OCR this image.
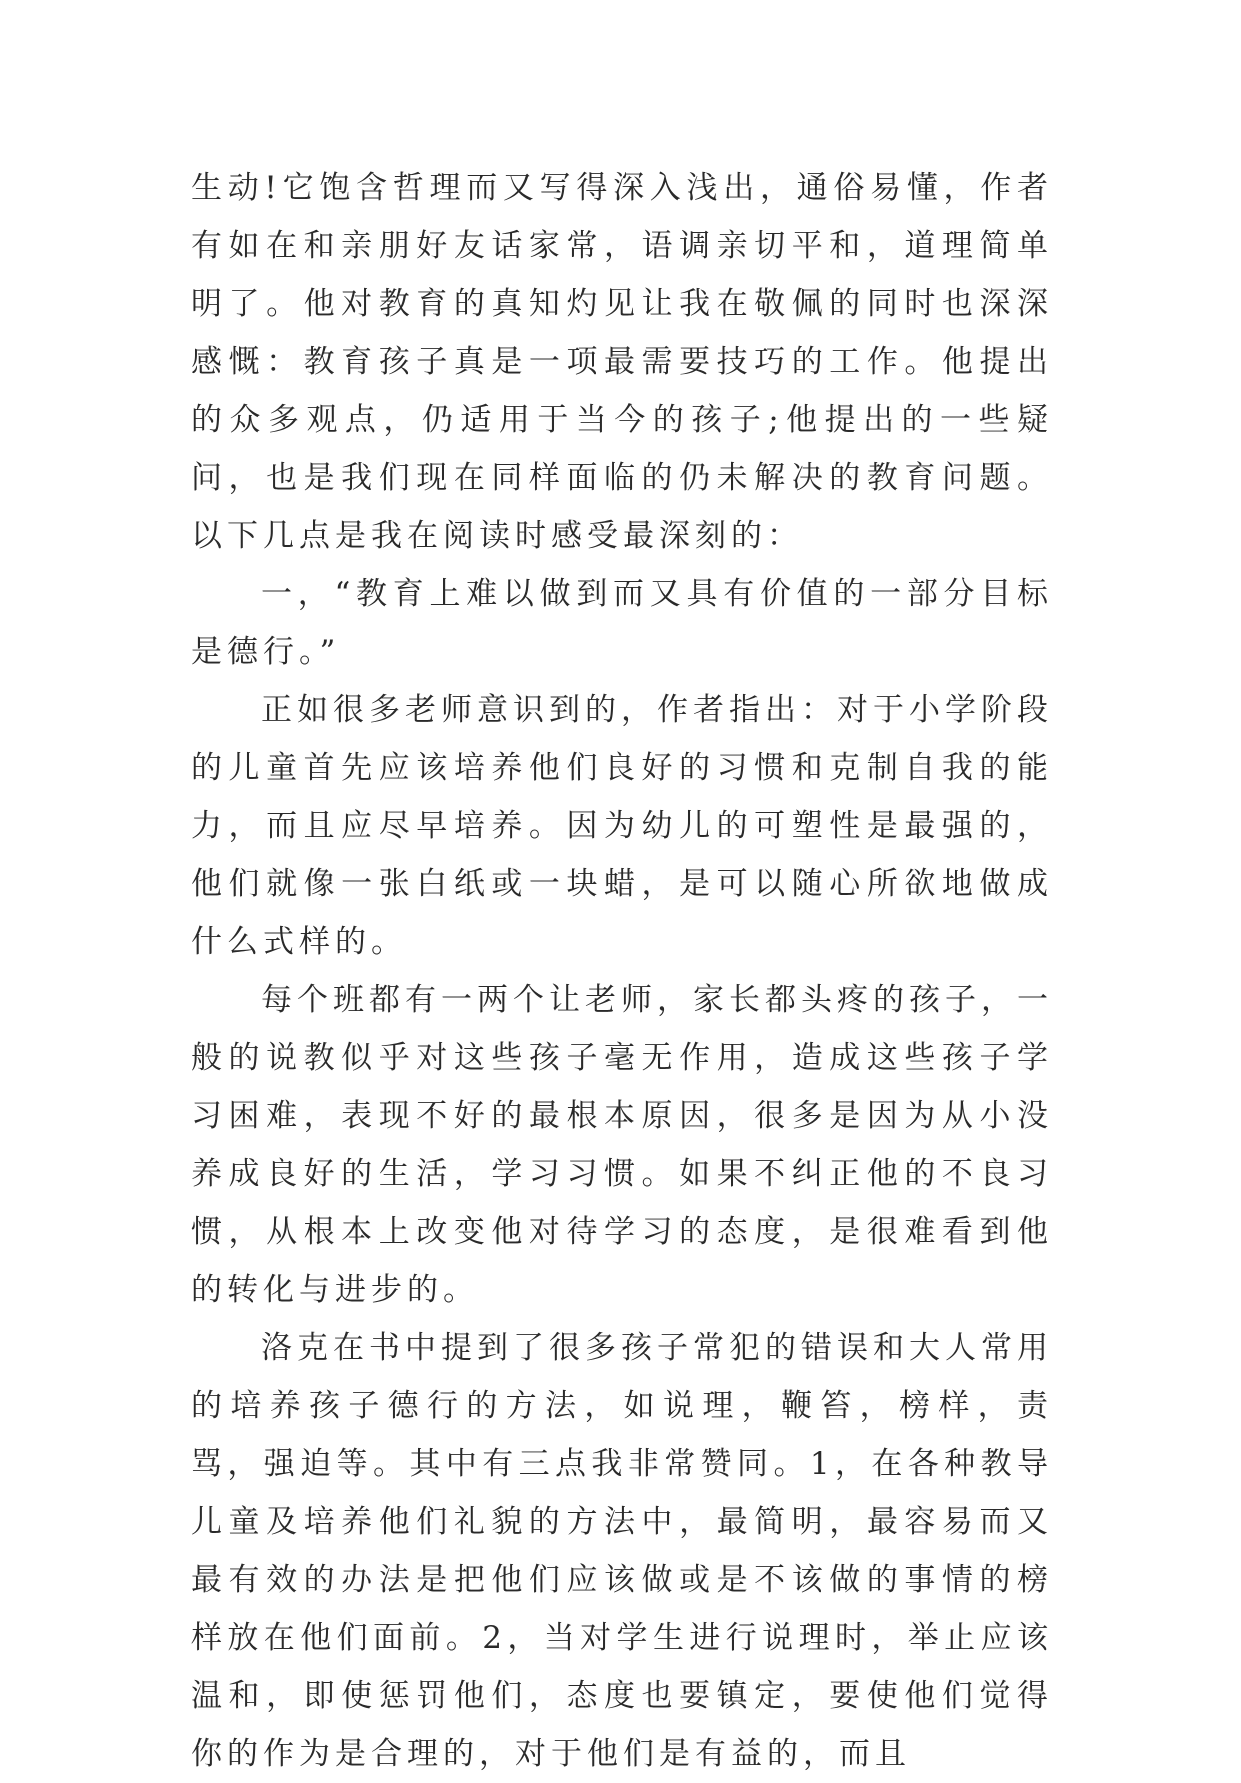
生动!它饱含哲理而又写得深入浅出，通俗易懂，作者有如在和亲朋好友话家常，语调亲切平和，道理简单明了。他对教育的真知灼见让我在敬佩的同时也深深感慨：教育孩子真是一项最需要技巧的工作。他提出的众多观点，仍适用于当今的孩子;他提出的一些疑问，也是我们现在同样面临的仍未解决的教育问题。以下几点是我在阅读时感受最深刻的：

一，“教育上难以做到而又具有价值的一部分目标是德行。”

正如很多老师意识到的，作者指出：对于小学阶段的儿童首先应该培养他们良好的习惯和克制自我的能力，而且应尽早培养。因为幼儿的可塑性是最强的，他们就像一张白纸或一块蜡，是可以随心所欲地做成什么式样的。

每个班都有一两个让老师，家长都头疼的孩子，一般的说教似乎对这些孩子毫无作用，造成这些孩子学习困难，表现不好的最根本原因，很多是因为从小没养成良好的生活，学习习惯。如果不纠正他的不良习惯，从根本上改变他对待学习的态度，是很难看到他的转化与进步的。

洛克在书中提到了很多孩子常犯的错误和大人常用的培养孩子德行的方法，如说理，鞭笞，榜样，责骂，强迫等。其中有三点我非常赞同。1，在各种教导儿童及培养他们礼貌的方法中，最简明，最容易而又最有效的办法是把他们应该做或是不该做的事情的榜样放在他们面前。2，当对学生进行说理时，举止应该温和，即使惩罚他们，态度也要镇定，要使他们觉得你的作为是合理的，对于他们是有益的，而且
